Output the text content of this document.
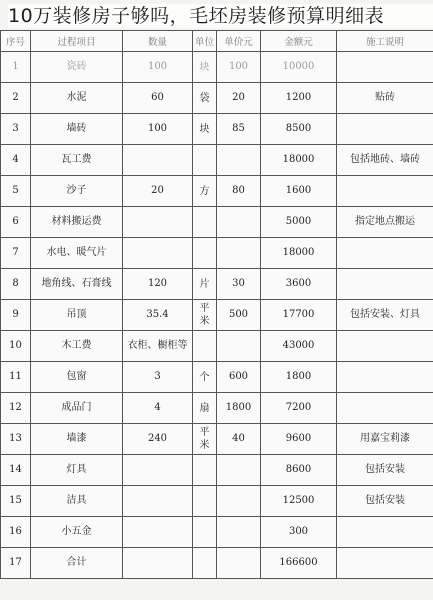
10万装修房子够吗，毛坯房装修预算明细表
序号	过程项目	数量	单位	单价元	金额元	施工说明
1	瓷砖	100	块	100	10000	
2	水泥	60	袋	20	1200	贴砖
3	墙砖	100	块	85	8500	
4	瓦工费				18000	包括地砖、墙砖
5	沙子	20	方	80	1600	
6	材料搬运费				5000	指定地点搬运
7	水电、暖气片				18000	
8	地角线、石膏线	120	片	30	3600	
9	吊顶	35.4	平米	500	17700	包括安装、灯具
10	木工费	衣柜、橱柜等			43000	
11	包窗	3	个	600	1800	
12	成品门	4	扇	1800	7200	
13	墙漆	240	平米	40	9600	用嘉宝莉漆
14	灯具				8600	包括安装
15	洁具				12500	包括安装
16	小五金				300	
17	合计				166600	
